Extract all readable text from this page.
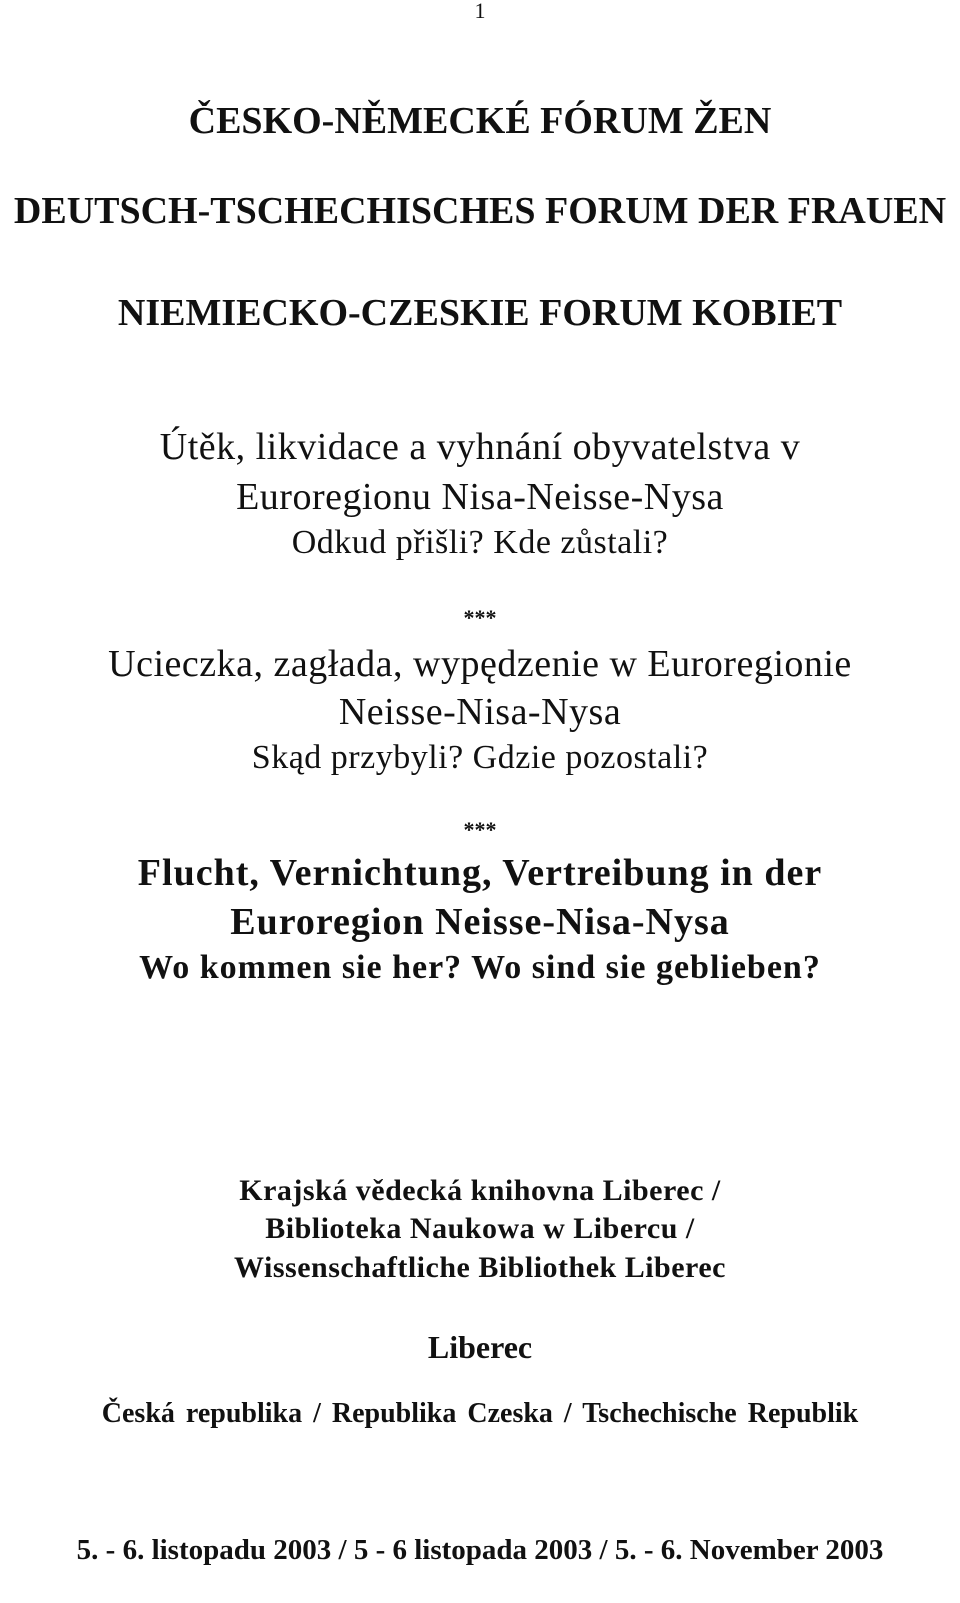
1
ČESKO-NĚMECKÉ FÓRUM ŽEN
DEUTSCH-TSCHECHISCHES FORUM DER FRAUEN
NIEMIECKO-CZESKIE FORUM KOBIET
Útěk, likvidace a vyhnání obyvatelstva v
Euroregionu Nisa-Neisse-Nysa
Odkud přišli? Kde zůstali?
***
Ucieczka, zagłada, wypędzenie w Euroregionie
Neisse-Nisa-Nysa
Skąd przybyli? Gdzie pozostali?
***
Flucht, Vernichtung, Vertreibung in der
Euroregion Neisse-Nisa-Nysa
Wo kommen sie her? Wo sind sie geblieben?
Krajská vědecká knihovna Liberec /
Biblioteka Naukowa w Libercu /
Wissenschaftliche Bibliothek Liberec
Liberec
Česká republika / Republika Czeska / Tschechische Republik
5. - 6. listopadu 2003 / 5 - 6 listopada 2003 / 5. - 6. November 2003
